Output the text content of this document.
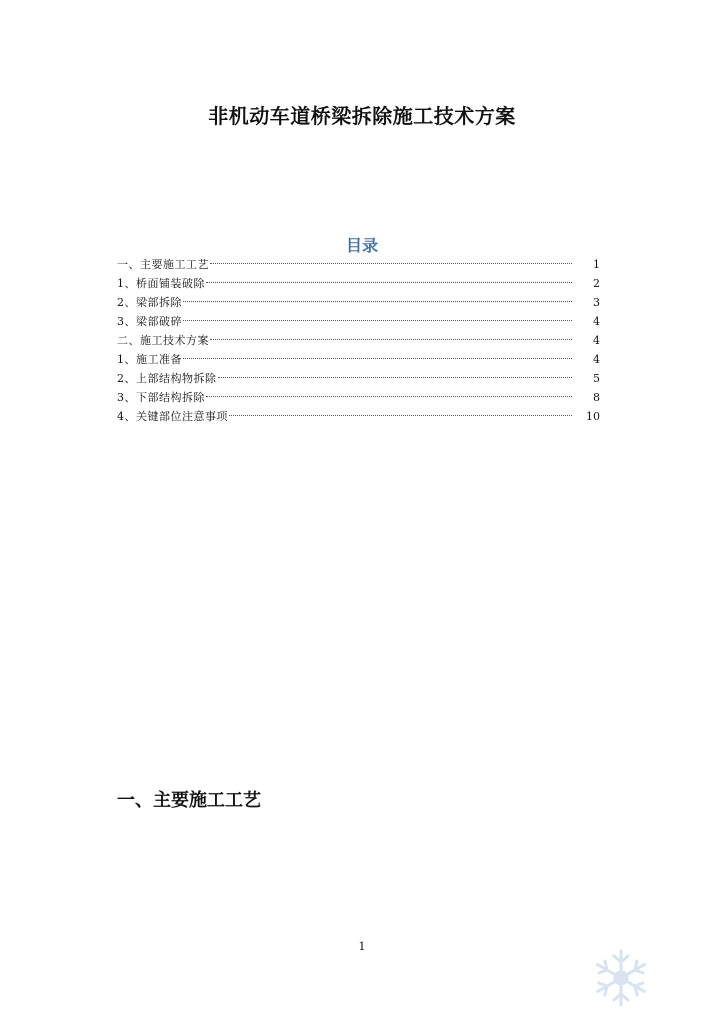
非机动车道桥梁拆除施工技术方案
目录
一、主要施工工艺	1
1、桥面铺装破除	2
2、梁部拆除	3
3、梁部破碎	4
二、施工技术方案	4
1、施工准备	4
2、上部结构物拆除	5
3、下部结构拆除	8
4、关键部位注意事项	10
一、主要施工工艺
1
